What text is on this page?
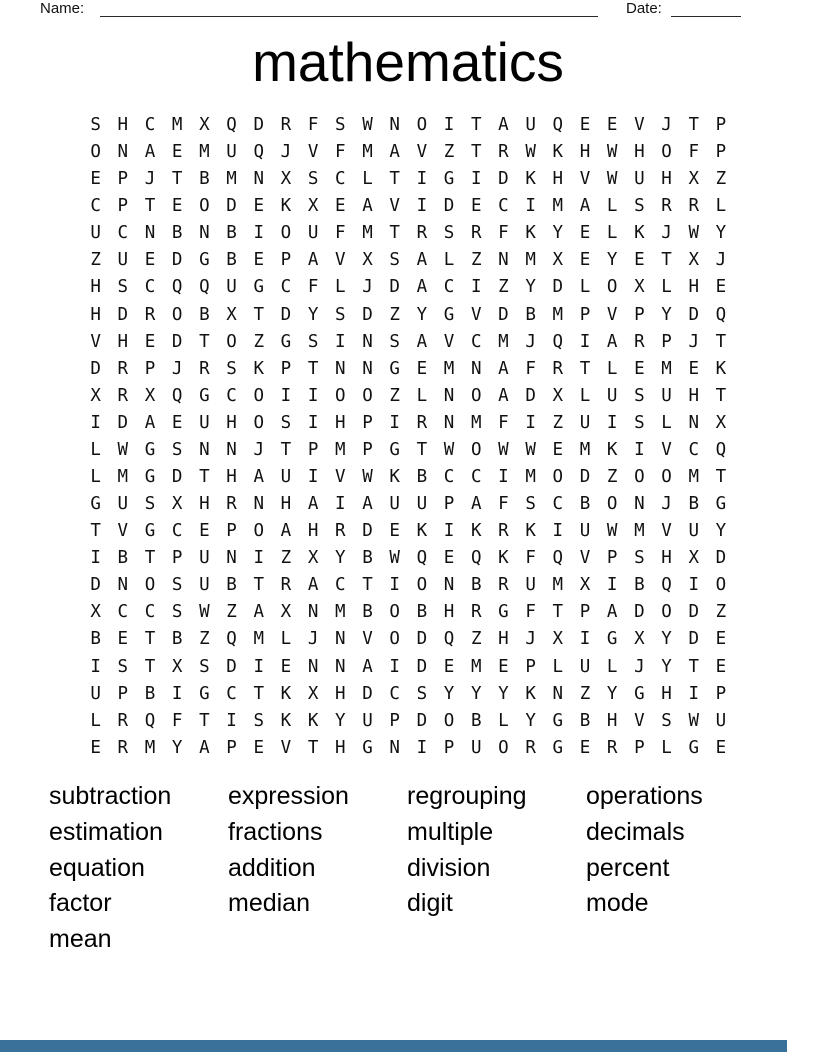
Name:	Date:
mathematics
S H C M X Q D R F S W N O I T A U Q E E V J T P
O N A E M U Q J V F M A V Z T R W K H W H O F P
E P J T B M N X S C L T I G I D K H V W U H X Z
C P T E O D E K X E A V I D E C I M A L S R R L
U C N B N B I O U F M T R S R F K Y E L K J W Y
Z U E D G B E P A V X S A L Z N M X E Y E T X J
H S C Q Q U G C F L J D A C I Z Y D L O X L H E
H D R O B X T D Y S D Z Y G V D B M P V P Y D Q
V H E D T O Z G S I N S A V C M J Q I A R P J T
D R P J R S K P T N N G E M N A F R T L E M E K
X R X Q G C O I I O O Z L N O A D X L U S U H T
I D A E U H O S I H P I R N M F I Z U I S L N X
L W G S N N J T P M P G T W O W W E M K I V C Q
L M G D T H A U I V W K B C C I M O D Z O O M T
G U S X H R N H A I A U U P A F S C B O N J B G
T V G C E P O A H R D E K I K R K I U W M V U Y
I B T P U N I Z X Y B W Q E Q K F Q V P S H X D
D N O S U B T R A C T I O N B R U M X I B Q I O
X C C S W Z A X N M B O B H R G F T P A D O D Z
B E T B Z Q M L J N V O D Q Z H J X I G X Y D E
I S T X S D I E N N A I D E M E P L U L J Y T E
U P B I G C T K X H D C S Y Y Y K N Z Y G H I P
L R Q F T I S K K Y U P D O B L Y G B H V S W U
E R M Y A P E V T H G N I P U O R G E R P L G E
subtraction
estimation
equation
factor
mean
expression
fractions
addition
median
regrouping
multiple
division
digit
operations
decimals
percent
mode
